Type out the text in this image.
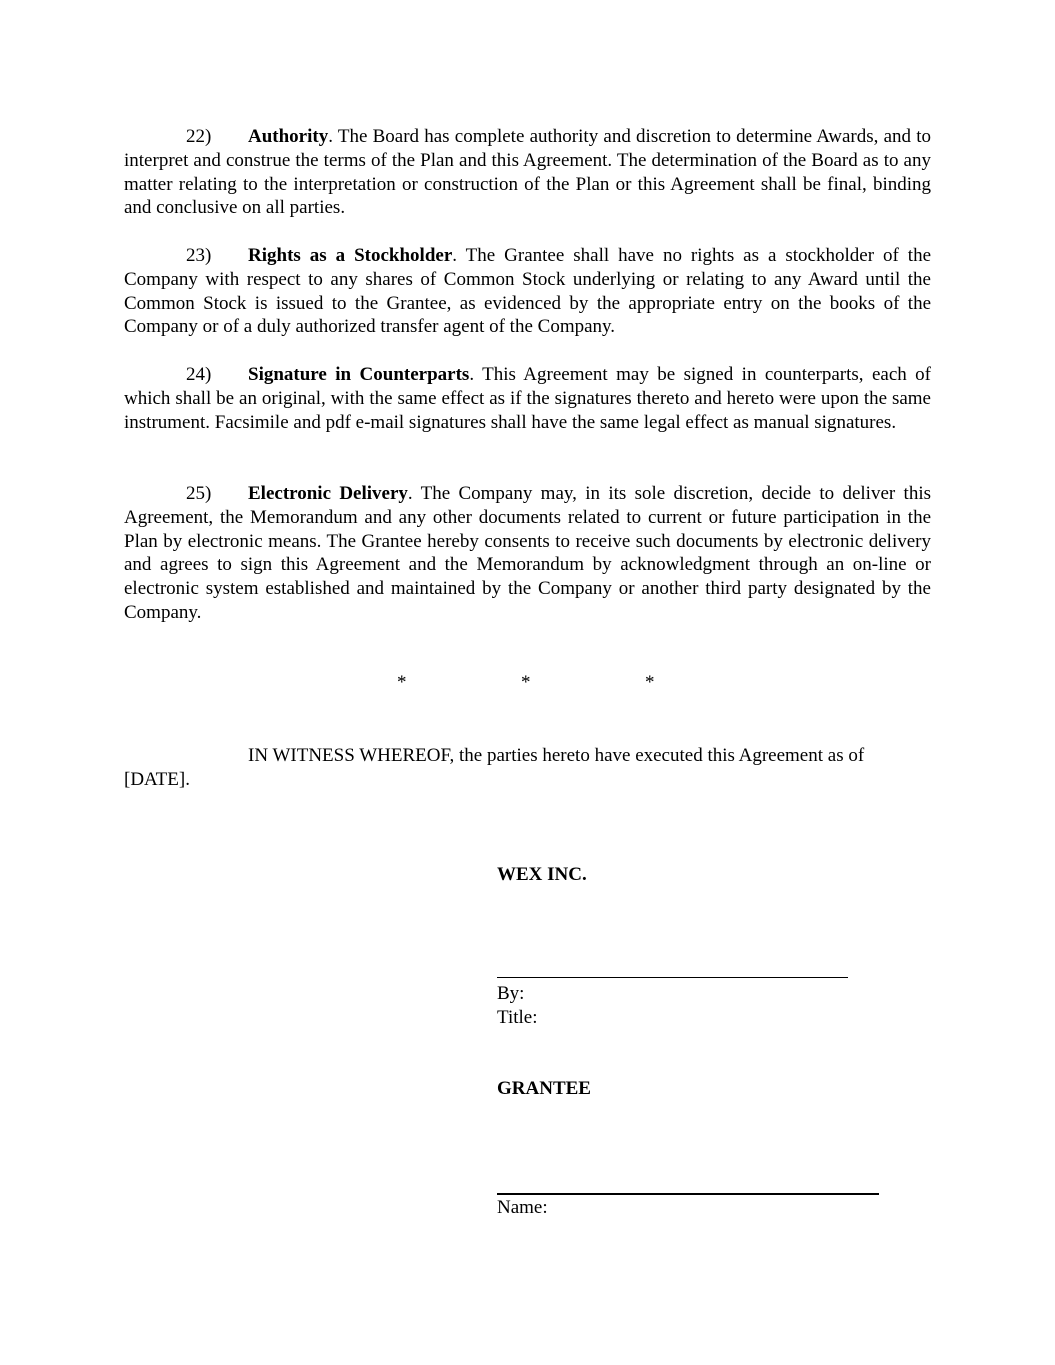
22) Authority. The Board has complete authority and discretion to determine Awards, and to interpret and construe the terms of the Plan and this Agreement. The determination of the Board as to any matter relating to the interpretation or construction of the Plan or this Agreement shall be final, binding and conclusive on all parties.

23) Rights as a Stockholder. The Grantee shall have no rights as a stockholder of the Company with respect to any shares of Common Stock underlying or relating to any Award until the Common Stock is issued to the Grantee, as evidenced by the appropriate entry on the books of the Company or of a duly authorized transfer agent of the Company.

24) Signature in Counterparts. This Agreement may be signed in counterparts, each of which shall be an original, with the same effect as if the signatures thereto and hereto were upon the same instrument. Facsimile and pdf e-mail signatures shall have the same legal effect as manual signatures.

25) Electronic Delivery. The Company may, in its sole discretion, decide to deliver this Agreement, the Memorandum and any other documents related to current or future participation in the Plan by electronic means. The Grantee hereby consents to receive such documents by electronic delivery and agrees to sign this Agreement and the Memorandum by acknowledgment through an on-line or electronic system established and maintained by the Company or another third party designated by the Company.

*	*	*

IN WITNESS WHEREOF, the parties hereto have executed this Agreement as of
[DATE].

WEX INC.
By:
Title:
GRANTEE
Name:
